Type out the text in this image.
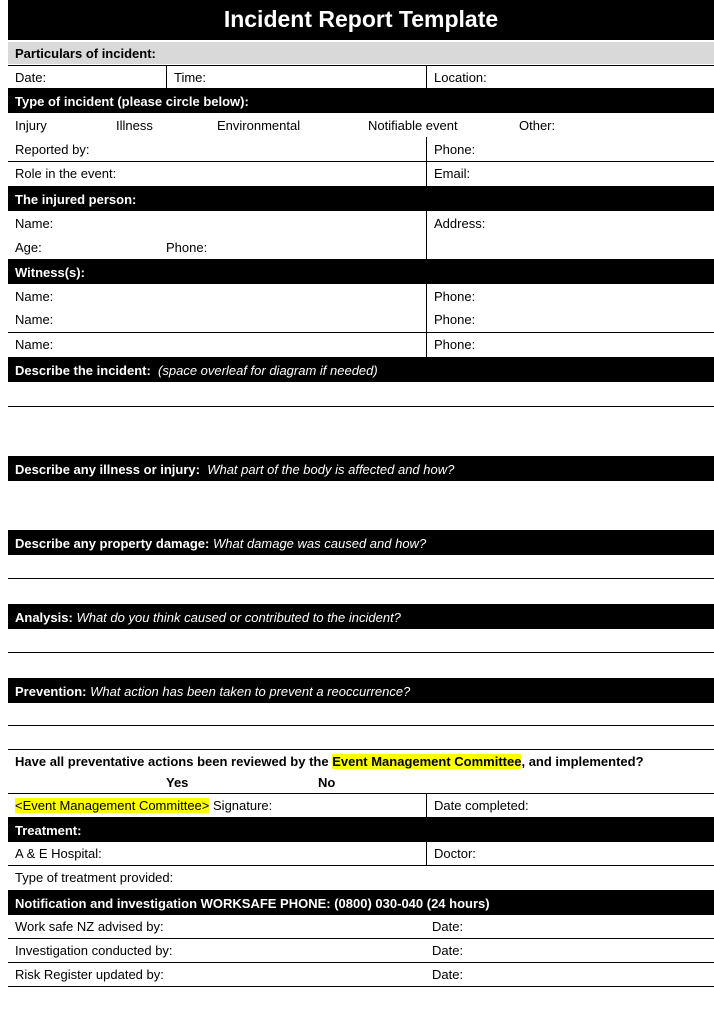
Incident Report Template
Particulars of incident:
Date:	Time:	Location:
Type of incident (please circle below):
Injury	Illness	Environmental	Notifiable event	Other:
Reported by:	Phone:
Role in the event:	Email:
The injured person:
Name:	Address:
Age:	Phone:
Witness(s):
Name:	Phone:
Name:	Phone:
Name:	Phone:
Describe the incident: (space overleaf for diagram if needed)
Describe any illness or injury: What part of the body is affected and how?
Describe any property damage: What damage was caused and how?
Analysis: What do you think caused or contributed to the incident?
Prevention: What action has been taken to prevent a reoccurrence?
Have all preventative actions been reviewed by the Event Management Committee, and implemented?
Yes	No
<Event Management Committee> Signature:	Date completed:
Treatment:
A & E Hospital:	Doctor:
Type of treatment provided:
Notification and investigation WORKSAFE PHONE: (0800) 030-040 (24 hours)
Work safe NZ advised by:	Date:
Investigation conducted by:	Date:
Risk Register updated by:	Date:
